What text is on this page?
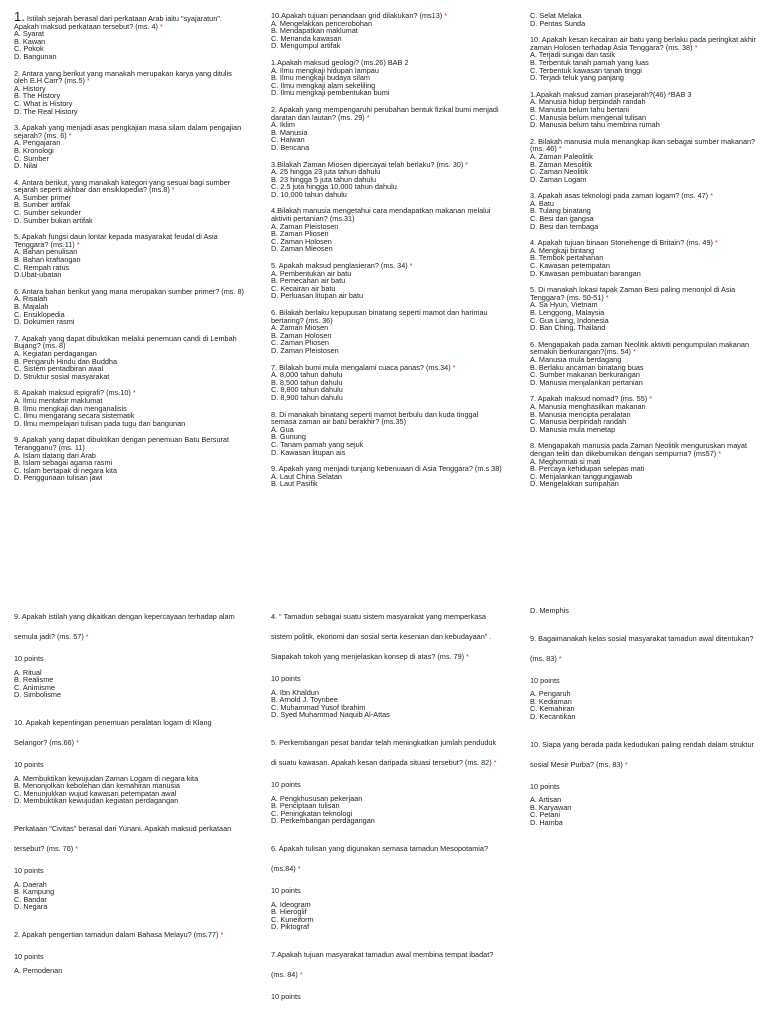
1. Istilah sejarah berasal dari perkataan Arab iaitu "syajaratun". Apakah maksud perkataan tersebut? (ms. 4) *
A. Syarat
B. Kawan
C. Pokok
D. Bangunan
2. Antara yang berikut yang manakah merupakan karya yang ditulis oleh E.H Carr? (ms.5) *
A. History
B. The History
C. What is History
D. The Real History
3. Apakah yang menjadi asas pengkajian masa silam dalam pengajian sejarah? (ms. 6) *
A. Pengajaran
B. Kronologi
C. Sumber
D. Nilai
4. Antara berikut, yang manakah kategori yang sesuai bagi sumber sejarah seperti akhbar dan ensiklopedia? (ms.8) *
A. Sumber primer
B. Sumber artifak
C. Sumber sekunder
D. Sumber bukan artifak
5. Apakah fungsi daun lontar kepada masyarakat feudal di Asia Tenggara? (ms.11) *
A. Bahan penulisan
B. Bahan kraftangan
C. Rempah ratus
D.Ubat-ubatan
6. Antara bahan berikut yang mana merupakan sumber primer? (ms. 8)
A. Risalah
B. Majalah
C. Ensiklopedia
D. Dokumen rasmi
7. Apakah yang dapat dibuktikan melalui penemuan candi di Lembah Bujang? (ms. 8)
A. Kegiatan perdagangan
B. Pengaruh Hindu dan Buddha
C. Sistem pentadbiran awal
D. Struktur sosial masyarakat
8. Apakah maksud epigrafi? (ms.10) *
A. Ilmu mentafsir maklumat
B. Ilmu mengkaji dan menganalisis
C. Ilmu mengarang secara sistematik
D. Ilmu mempelajari tulisan pada tugu dan bangunan
9. Apakah yang dapat dibuktikan dengan penemuan Batu Bersurat Terangganu? (ms. 11)
A. Islam datang dari Arab
B. Islam sebagai agama rasmi
C. Islam bertapak di negara kita
D. Penggunaan tulisan jawi
10.Apakah tujuan penandaan grid dilakukan? (ms13) *
A. Mengelakkan pencerobohan
B. Mendapatkan maklumat
C. Menanda kawasan
D. Mengumpul artifak
1.Apakah maksud geologi? (ms.26) BAB 2
A. Ilmu mengkaji hidupan lampau
B. Ilmu mengkaji budaya silam
C. Ilmu mengkaji alam sekeliling
D. Ilmu mengkaji pembentukan bumi
2. Apakah yang mempengaruhi perubahan bentuk fizikal bumi menjadi daratan dan lautan? (ms. 29) *
A. Iklim
B. Manusia
C. Haiwan
D. Bencana
3.Bilakah Zaman Miosen dipercayai telah berlaku? (ms. 30) *
A. 25 hingga 23 juta tahun dahulu
B. 23 hingga 5 juta tahun dahulu
C. 2.5 juta hingga 10,000 tahun dahulu
D. 10,000 tahun dahulu
4.Bilakah manusia mengetahui cara mendapatkan makanan melalui aktiviti pertanian? (ms.31)
A. Zaman Pleistosen
B. Zaman Pliosen
C. Zaman Holosen
D. Zaman Mieosen
5. Apakah maksud penglasieran? (ms. 34) *
A. Pembentukan air batu
B. Pemecahan air batu
C. Kecairan air batu
D. Perluasan litupan air batu
6. Bilakah berlaku kepupusan binatang seperti mamot dan harimau bertaring? (ms. 36)
A. Zaman Miosen
B. Zaman Holosen
C. Zaman Pliosen
D. Zaman Pleistosen
7. Bilakah bumi mula mengalami cuaca panas? (ms.34) *
A. 8,000 tahun dahulu
B. 8,500 tahun dahulu
C. 8,800 tahun dahulu
D. 8,900 tahun dahulu
8. Di manakah binatang seperti mamot berbulu dan kuda tinggal semasa zaman air batu berakhir? (ms.35)
A. Gua
B. Gunung
C. Tanam pamah yang sejuk
D. Kawasan litupan ais
9. Apakah yang menjadi tunjang kebenuaan di Asia Tenggara? (m.s 38)
A. Laut China Selatan
B. Laut Pasifik
C. Selat Melaka
D. Pentas Sunda
10. Apakah kesan kecairan air batu yang berlaku pada peringkat akhir zaman Holosen terhadap Asia Tenggara? (ms. 38) *
A. Terjadi sungai dan tasik
B. Terbentuk tanah pamah yang luas
C. Terbentuk kawasan tanah tinggi
D. Terjadi teluk yang panjang
1.Apakah maksud zaman prasejarah?(46) *BAB 3
A. Manusia hidup berpindah randah
B. Manusia belum tahu bertani
C. Manusia belum mengenal tulisan
D. Manusia belum tahu membina rumah
2. Bilakah manusia mula menangkap ikan sebagai sumber makanan? (ms. 46) *
A. Zaman Paleolitik
B. Zaman Mesolitik
C. Zaman Neolitik
D. Zaman Logam
3. Apakah asas teknologi pada zaman logam? (ms. 47) *
A. Batu
B. Tulang binatang
C. Besi dan gangsa
D. Besi dan tembaga
4. Apakah tujuan binaan Stonehenge di Britain? (ms. 49) *
A. Mengkaji bintang
B. Tembok pertahanan
C. Kawasan petempatan
D. Kawasan pembuatan barangan
5. Di manakah lokasi tapak Zaman Besi paling menonjol di Asia Tenggara? (ms. 50-51) *
A. Sa Hyun, Vietnam
B. Lenggong, Malaysia
C. Gua Liang, Indonesia
D. Ban Ching, Thailand
6. Mengapakah pada zaman Neolitik aktiviti pengumpulan makanan semakin berkurangan?(ms. 54) *
A. Manusia mula berdagang
B. Berlaku ancaman binatang buas
C. Sumber makanan berkurangan
D. Manusia menjalankan pertanian
7. Apakah maksud nomad? (ms. 55) *
A. Manusia menghasilkan makanan
B. Manusia mencipta peralatan
C. Manusia berpindah randah
D. Manusia mula menetap
8. Mengapakah manusia pada Zaman Neolitik menguruskan mayat dengan teliti dan dikebumikan dengan sempurna? (ms57) *
A. Meghormati si mati
B. Percaya kehidupan selepas mati
C. Menjalankan tanggungjawab
D. Mengelakkan sumpahan
9. Apakah istilah yang dikaitkan dengan kepercayaan terhadap alam semula jadi? (ms. 57) *
10 points
A. Ritual
B. Realisme
C. Animisme
D. Simbolisme
10. Apakah kepentingan penemuan peralatan logam di Klang Selangor? (ms.66) *
10 points
A. Membuktikan kewujudan Zaman Logam di negara kita
B. Menonjolkan kebolehan dan kemahiran manusia
C. Menunjukkan wujud kawasan petempatan awal
D. Membuktikan kewujudan kegiatan perdagangan
Perkataan "Civitas" berasal dari Yunani. Apakah maksud perkataan tersebut? (ms. 76) *
10 points
A. Daerah
B. Kampung
C. Bandar
D. Negara
2. Apakah pengertian tamadun dalam Bahasa Melayu? (ms.77) *
10 points
A. Pemodenan
4. " Tamadun sebagai suatu sistem masyarakat yang memperkasa sistem politik, ekonomi dan sosial serta kesenian dan kebudayaan" . Siapakah tokoh yang menjelaskan konsep di atas? (ms. 79) *
10 points
A. Ibn Khaldun
B. Arnold J. Toynbee
C. Muhammad Yusof Ibrahim
D. Syed Muhammad Naquib Al-Attas
5. Perkembangan pesat bandar telah meningkatkan jumlah penduduk di suatu kawasan. Apakah kesan daripada situasi tersebut? (ms. 82) *
10 points
A. Pengkhususan pekerjaan
B. Penciptaan tulisan
C. Peningkatan teknologi
D. Perkembangan perdagangan
6. Apakah tulisan yang digunakan semasa tamadun Mesopotamia? (ms.84) *
10 points
A. Ideogram
B. Hieroglif
C. Kuneiform
D. Piktograf
7.Apakah tujuan masyarakat tamadun awal membina tempat ibadat? (ms. 84) *
10 points
D. Memphis
9. Bagaimanakah kelas sosial masyarakat tamadun awal ditentukan? (ms. 83) *
10 points
A. Pengaruh
B. Kediaman
C. Kemahiran
D. Kecantikan
10. Siapa yang berada pada kedudukan paling rendah dalam struktur sosial Mesir Purba? (ms. 83) *
10 points
A. Artisan
B. Karyawan
C. Petani
D. Hamba
